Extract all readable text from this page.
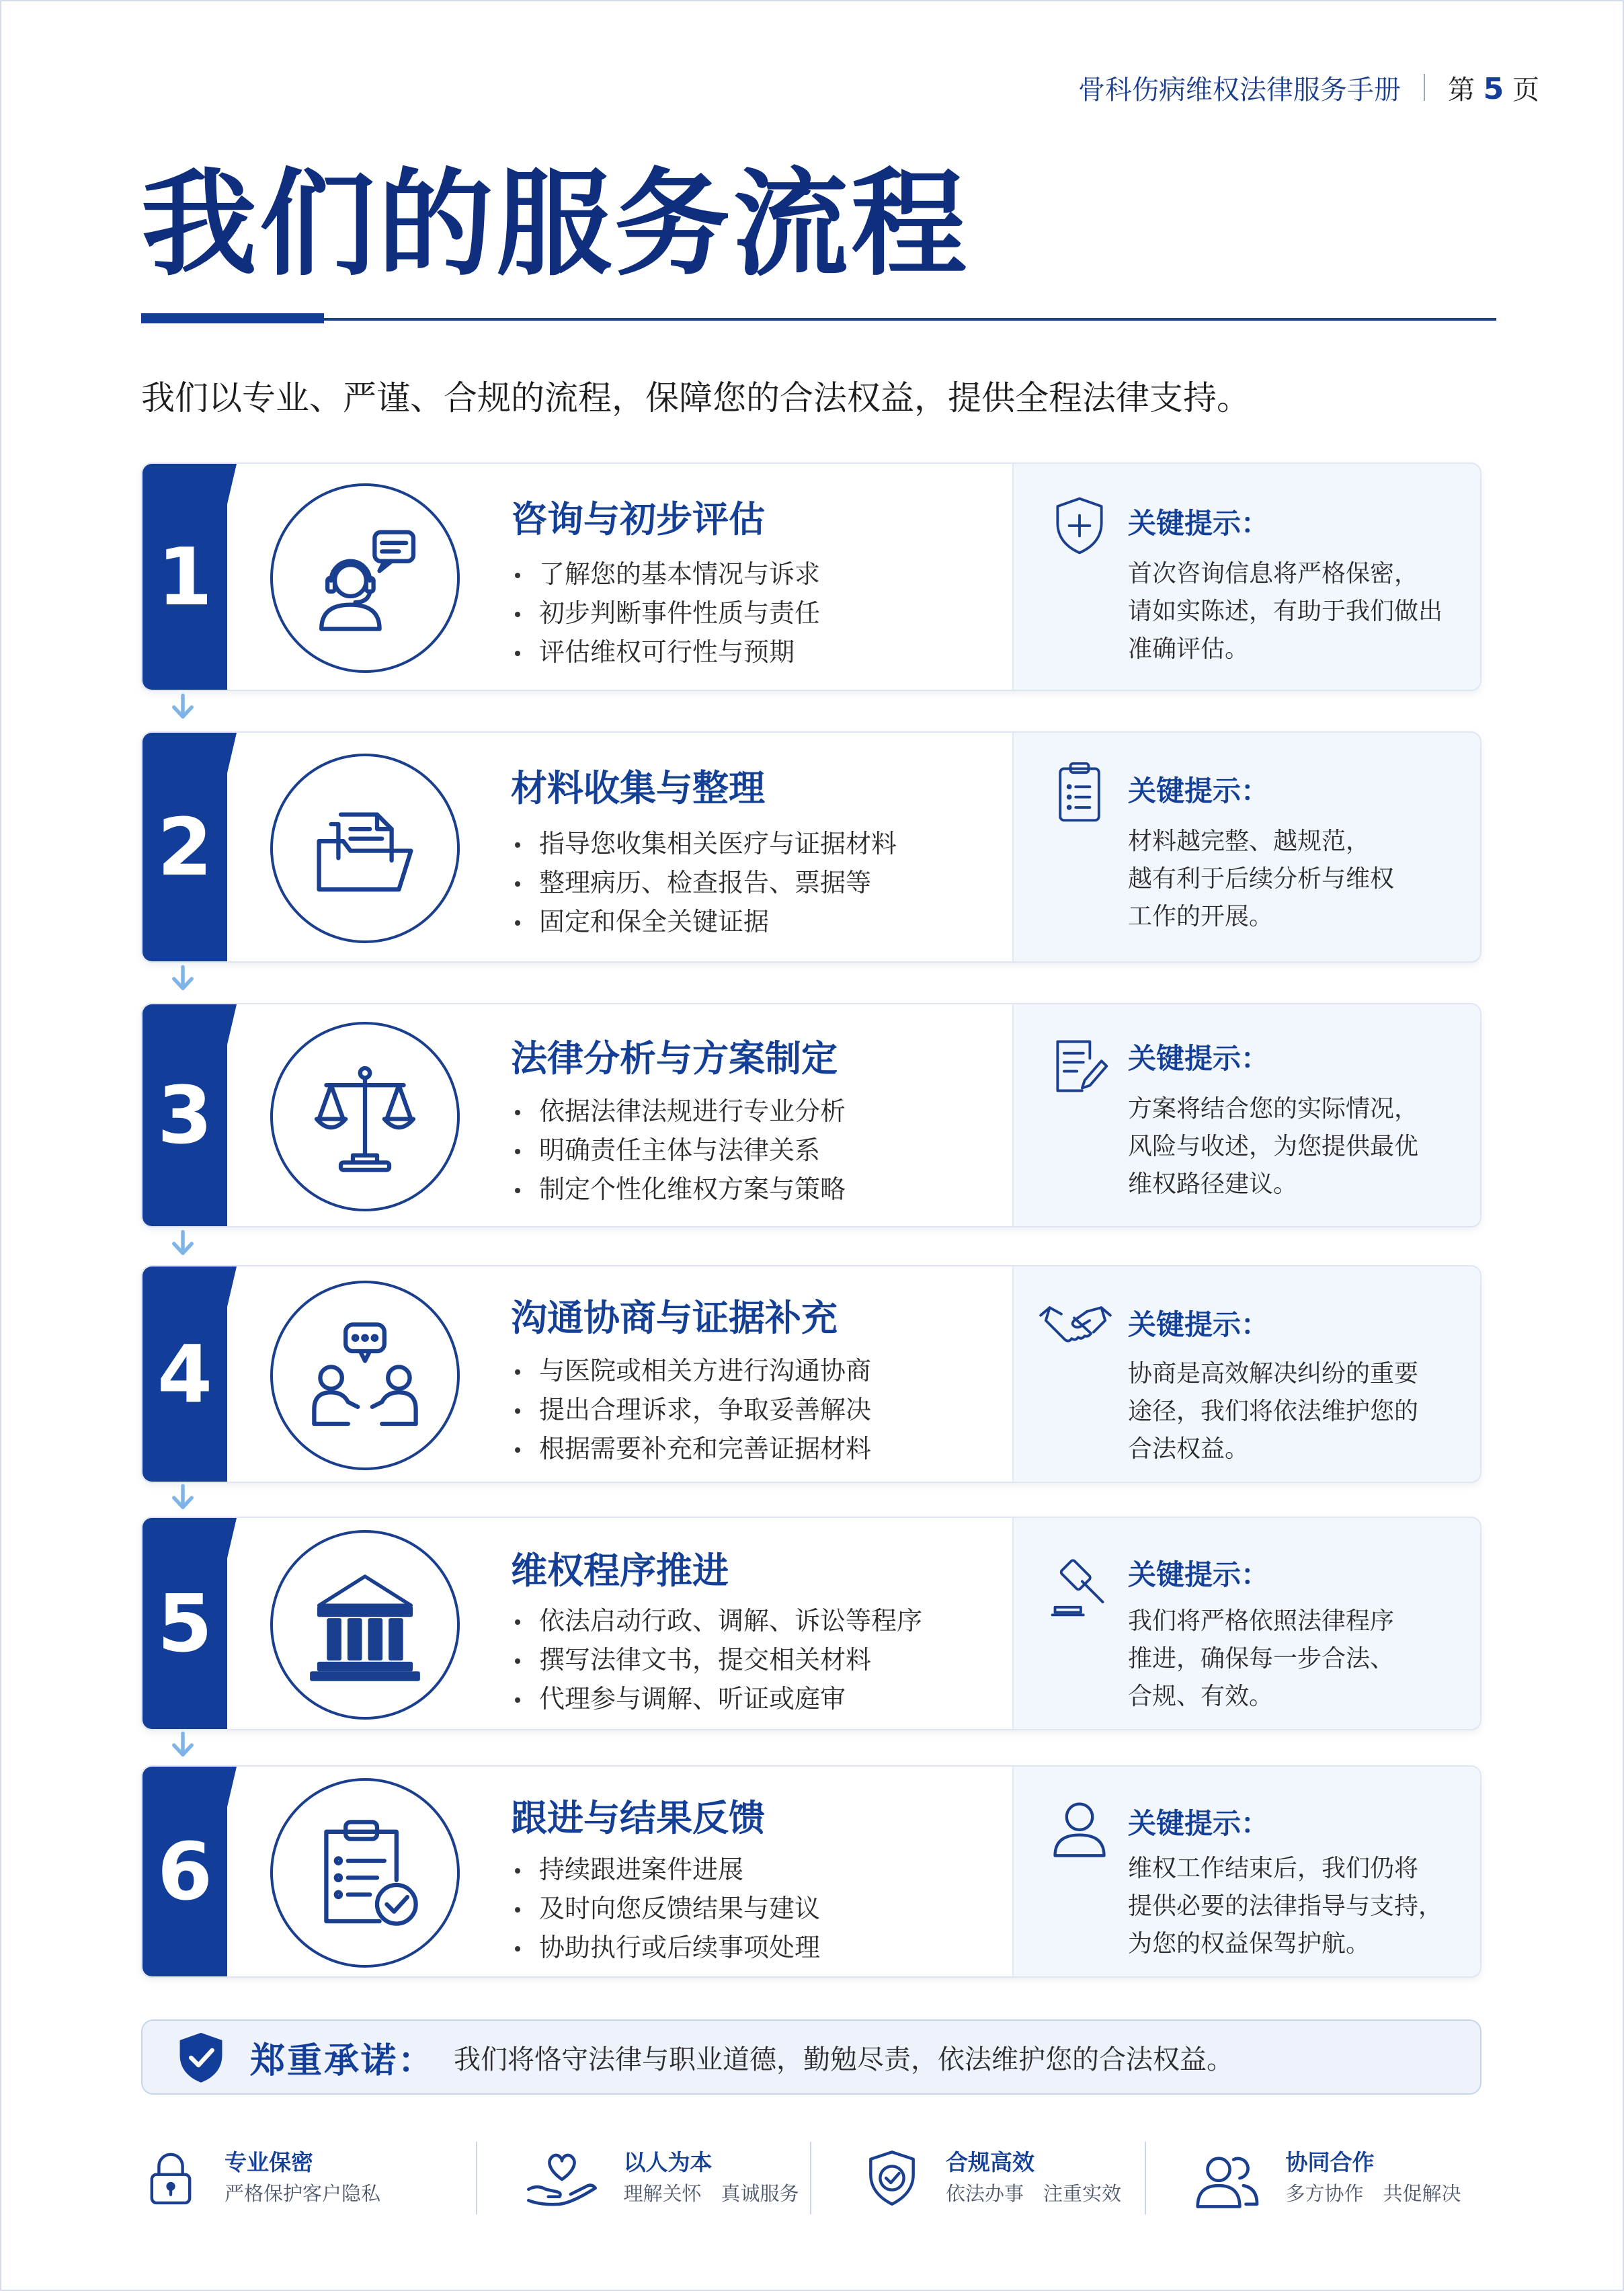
骨科伤病维权法律服务手册 第 5 页
我们的服务流程
我们以专业、严谨、合规的流程，保障您的合法权益，提供全程法律支持。
1
咨询与初步评估
了解您的基本情况与诉求
初步判断事件性质与责任
评估维权可行性与预期
关键提示：
首次咨询信息将严格保密，
请如实陈述，有助于我们做出
准确评估。
2
材料收集与整理
指导您收集相关医疗与证据材料
整理病历、检查报告、票据等
固定和保全关键证据
关键提示：
材料越完整、越规范，
越有利于后续分析与维权
工作的开展。
3
法律分析与方案制定
依据法律法规进行专业分析
明确责任主体与法律关系
制定个性化维权方案与策略
关键提示：
方案将结合您的实际情况，
风险与收述，为您提供最优
维权路径建议。
4
沟通协商与证据补充
与医院或相关方进行沟通协商
提出合理诉求，争取妥善解决
根据需要补充和完善证据材料
关键提示：
协商是高效解决纠纷的重要
途径，我们将依法维护您的
合法权益。
5
维权程序推进
依法启动行政、调解、诉讼等程序
撰写法律文书，提交相关材料
代理参与调解、听证或庭审
关键提示：
我们将严格依照法律程序
推进，确保每一步合法、
合规、有效。
6
跟进与结果反馈
持续跟进案件进展
及时向您反馈结果与建议
协助执行或后续事项处理
关键提示：
维权工作结束后，我们仍将
提供必要的法律指导与支持，
为您的权益保驾护航。
郑重承诺： 我们将恪守法律与职业道德，勤勉尽责，依法维护您的合法权益。
专业保密
严格保护客户隐私
以人为本
理解关怀　真诚服务
合规高效
依法办事　注重实效
协同合作
多方协作　共促解决
